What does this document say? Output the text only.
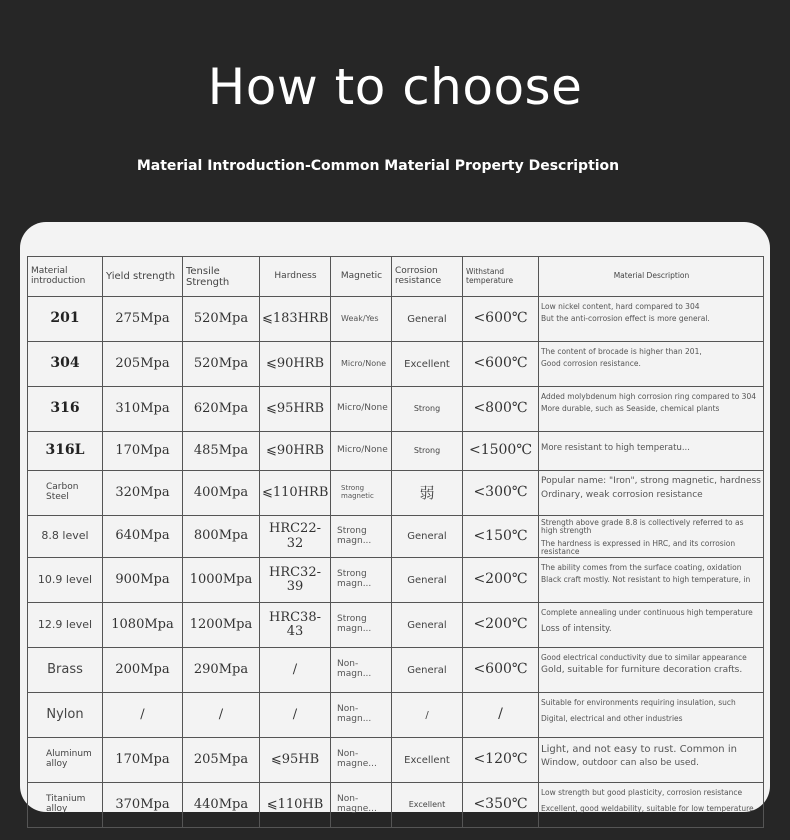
How to choose
Material Introduction-Common Material Property Description
Material introduction	Yield strength	Tensile Strength	Hardness	Magnetic	Corrosion resistance	Withstand temperature	Material Description
201	275Mpa	520Mpa	⩽183HRB	Weak/Yes	General	<600℃	Low nickel content, hard compared to 304
But the anti-corrosion effect is more general.

304	205Mpa	520Mpa	⩽90HRB	Micro/None	Excellent	<600℃	The content of brocade is higher than 201,
Good corrosion resistance.

316	310Mpa	620Mpa	⩽95HRB	Micro/None	Strong	<800℃	Added molybdenum high corrosion ring compared to 304
More durable, such as Seaside, chemical plants

316L	170Mpa	485Mpa	⩽90HRB	Micro/None	Strong	<1500℃	More resistant to high temperatu...

Carbon Steel	320Mpa	400Mpa	⩽110HRB	Strong magnetic	弱	<300℃	Popular name: "Iron", strong magnetic, hardness
Ordinary, weak corrosion resistance

8.8 level	640Mpa	800Mpa	HRC22-32	Strong magn...	General	<150℃	Strength above grade 8.8 is collectively referred to as high strength
The hardness is expressed in HRC, and its corrosion resistance

10.9 level	900Mpa	1000Mpa	HRC32-39	Strong magn...	General	<200℃	The ability comes from the surface coating, oxidation
Black craft mostly. Not resistant to high temperature, in

12.9 level	1080Mpa	1200Mpa	HRC38-43	Strong magn...	General	<200℃	Complete annealing under continuous high temperature
Loss of intensity.

Brass	200Mpa	290Mpa	/	Non-magn...	General	<600℃	Good electrical conductivity due to similar appearance
Gold, suitable for furniture decoration crafts.

Nylon	/	/	/	Non-magn...	/	/	Suitable for environments requiring insulation, such
Digital, electrical and other industries

Aluminum alloy	170Mpa	205Mpa	⩽95HB	Non-magne...	Excellent	<120℃	Light, and not easy to rust. Common in
Window, outdoor can also be used.

Titanium alloy	370Mpa	440Mpa	⩽110HB	Non-magne...	Excellent	<350℃	Low strength but good plasticity, corrosion resistance
Excellent, good weldability, suitable for low temperature
